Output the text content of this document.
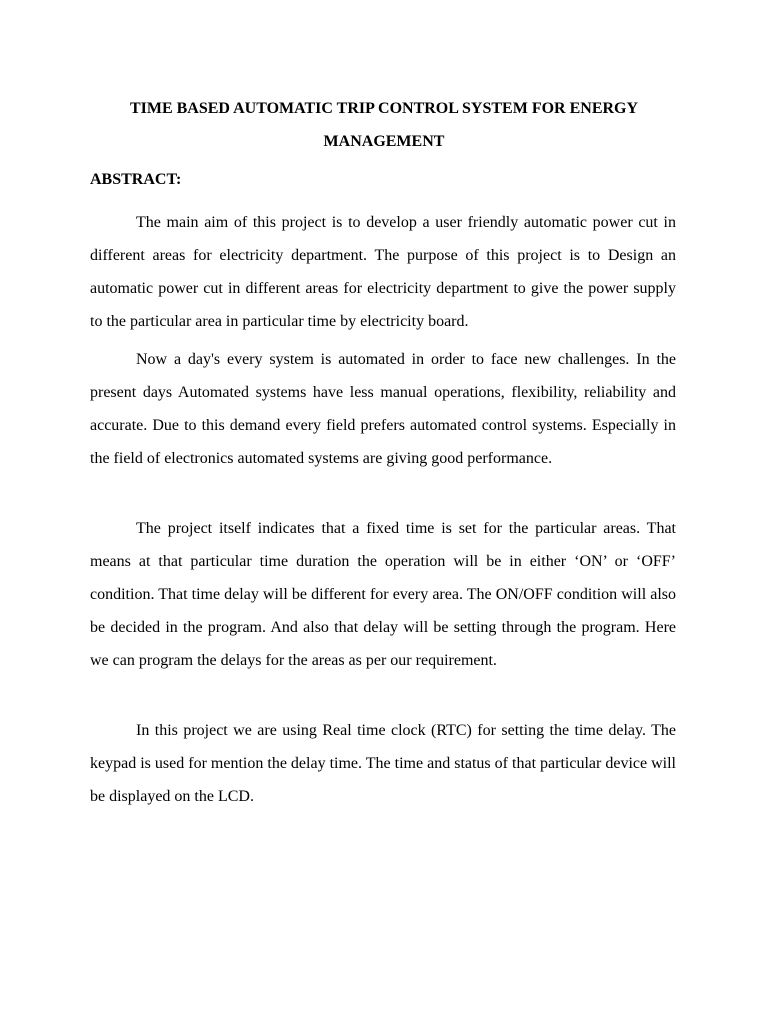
TIME BASED AUTOMATIC TRIP CONTROL SYSTEM FOR ENERGY MANAGEMENT
ABSTRACT:

The main aim of this project is to develop a user friendly automatic power cut in different areas for electricity department. The purpose of this project is to Design an automatic power cut in different areas for electricity department to give the power supply to the particular area in particular time by electricity board.

Now a day's every system is automated in order to face new challenges. In the present days Automated systems have less manual operations, flexibility, reliability and accurate. Due to this demand every field prefers automated control systems. Especially in the field of electronics automated systems are giving good performance.

The project itself indicates that a fixed time is set for the particular areas. That means at that particular time duration the operation will be in either ‘ON’ or ‘OFF’ condition. That time delay will be different for every area. The ON/OFF condition will also be decided in the program. And also that delay will be setting through the program. Here we can program the delays for the areas as per our requirement.

In this project we are using Real time clock (RTC) for setting the time delay. The keypad is used for mention the delay time. The time and status of that particular device will be displayed on the LCD.
